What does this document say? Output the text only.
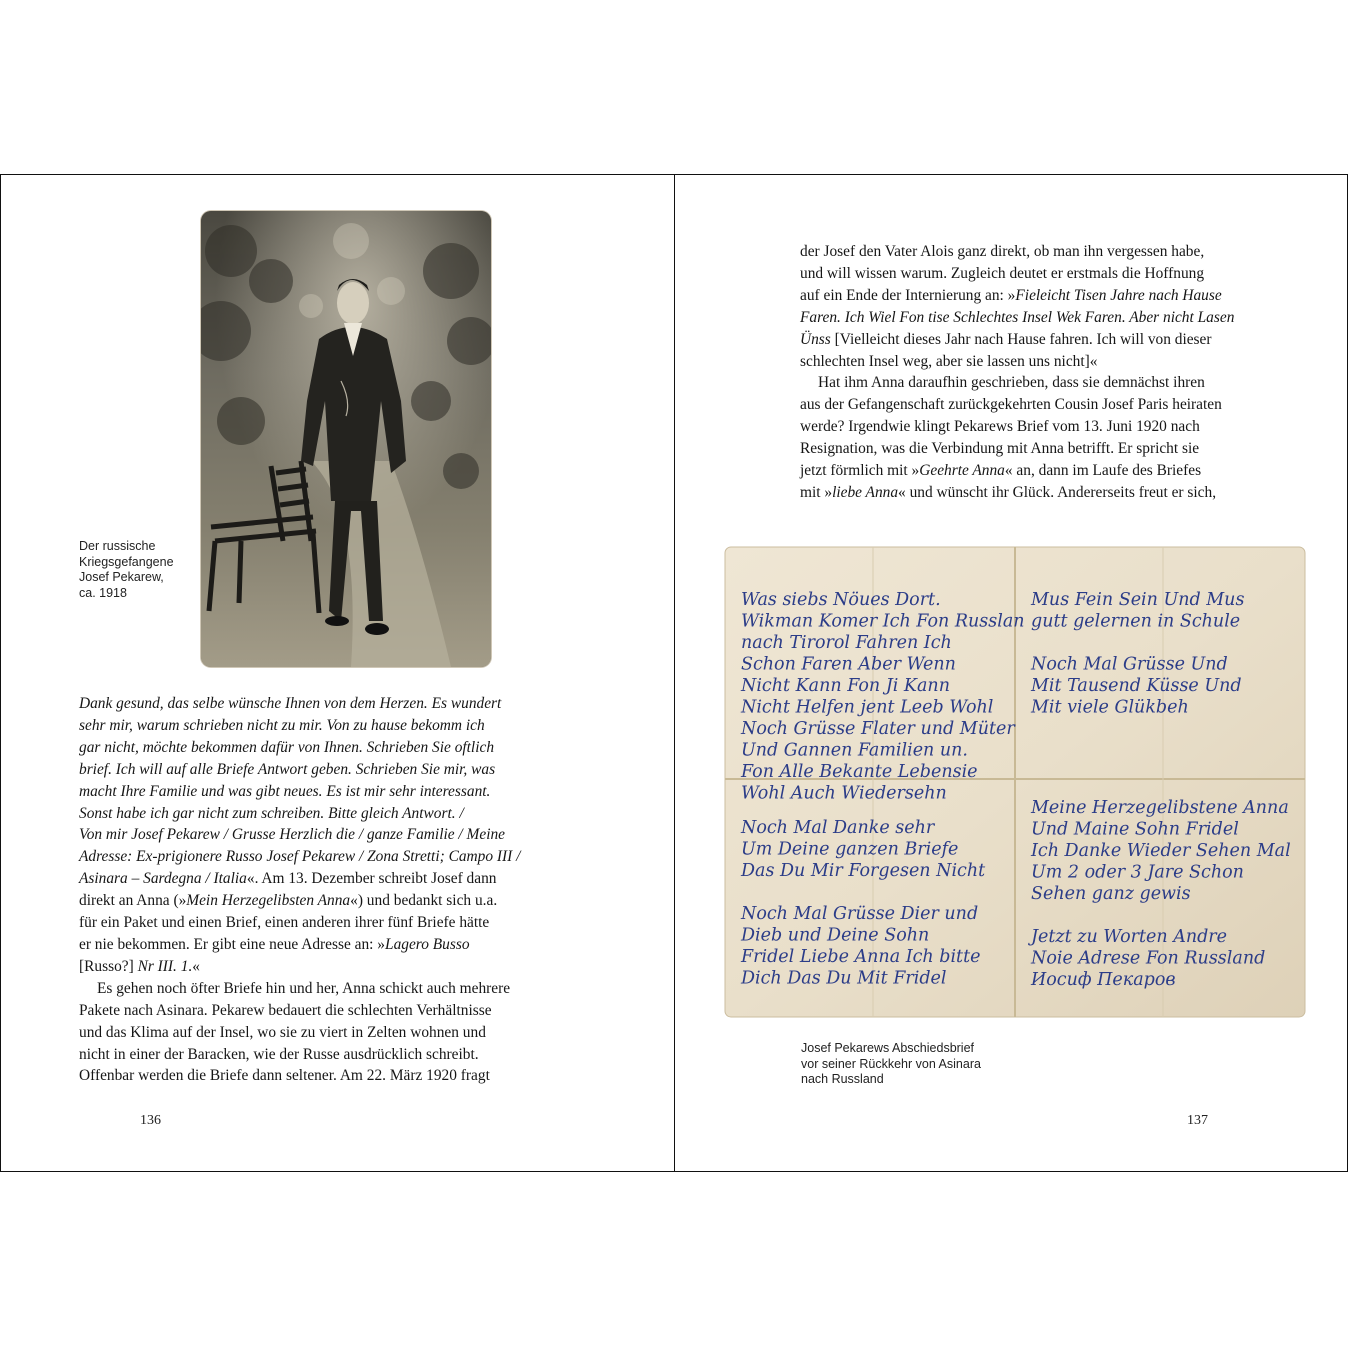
Der russische
Kriegsgefangene
Josef Pekarew,
ca. 1918
Dank gesund, das selbe wünsche Ihnen von dem Herzen. Es wundert
sehr mir, warum schrieben nicht zu mir. Von zu hause bekomm ich
gar nicht, möchte bekommen dafür von Ihnen. Schrieben Sie oftlich
brief. Ich will auf alle Briefe Antwort geben. Schrieben Sie mir, was
macht Ihre Familie und was gibt neues. Es ist mir sehr interessant.
Sonst habe ich gar nicht zum schreiben. Bitte gleich Antwort. /
Von mir Josef Pekarew / Grusse Herzlich die / ganze Familie / Meine
Adresse: Ex-prigionere Russo Josef Pekarew / Zona Stretti; Campo III /
Asinara – Sardegna / Italia«. Am 13. Dezember schreibt Josef dann
direkt an Anna (»Mein Herzegelibsten Anna«) und bedankt sich u.a.
für ein Paket und einen Brief, einen anderen ihrer fünf Briefe hätte
er nie bekommen. Er gibt eine neue Adresse an: »Lagero Busso
[Russo?] Nr III. 1.«
Es gehen noch öfter Briefe hin und her, Anna schickt auch mehrere
Pakete nach Asinara. Pekarew bedauert die schlechten Verhältnisse
und das Klima auf der Insel, wo sie zu viert in Zelten wohnen und
nicht in einer der Baracken, wie der Russe ausdrücklich schreibt.
Offenbar werden die Briefe dann seltener. Am 22. März 1920 fragt
136
der Josef den Vater Alois ganz direkt, ob man ihn vergessen habe,
und will wissen warum. Zugleich deutet er erstmals die Hoffnung
auf ein Ende der Internierung an: »Fieleicht Tisen Jahre nach Hause
Faren. Ich Wiel Fon tise Schlechtes Insel Wek Faren. Aber nicht Lasen
Ünss [Vielleicht dieses Jahr nach Hause fahren. Ich will von dieser
schlechten Insel weg, aber sie lassen uns nicht]«
Hat ihm Anna daraufhin geschrieben, dass sie demnächst ihren
aus der Gefangenschaft zurückgekehrten Cousin Josef Paris heiraten
werde? Irgendwie klingt Pekarews Brief vom 13. Juni 1920 nach
Resignation, was die Verbindung mit Anna betrifft. Er spricht sie
jetzt förmlich mit »Geehrte Anna« an, dann im Laufe des Briefes
mit »liebe Anna« und wünscht ihr Glück. Andererseits freut er sich,
Was siebs Nöues Dort.
Wikman Komer Ich Fon Russlan
nach Tirorol Fahren Ich
Schon Faren Aber Wenn
Nicht Kann Fon Ji Kann
Nicht Helfen jent Leeb Wohl
Noch Grüsse Flater und Müter
Und Gannen Familien un.
Fon Alle Bekante Lebensie
Wohl Auch Wiedersehn
Mus Fein Sein Und Mus
gutt gelernen in Schule
Noch Mal Grüsse Und
Mit Tausend Küsse Und
Mit viele Glükbeh
Noch Mal Danke sehr
Um Deine ganzen Briefe
Das Du Mir Forgesen Nicht
Noch Mal Grüsse Dier und
Dieb und Deine Sohn
Fridel Liebe Anna Ich bitte
Dich Das Du Mit Fridel
Meine Herzegelibstene Anna
Und Maine Sohn Fridel
Ich Danke Wieder Sehen Mal
Um 2 oder 3 Jare Schon
Sehen ganz gewis
Jetzt zu Worten Andre
Noie Adrese Fon Russland
Иосиф Пекаров
Josef Pekarews Abschiedsbrief
vor seiner Rückkehr von Asinara
nach Russland
137
